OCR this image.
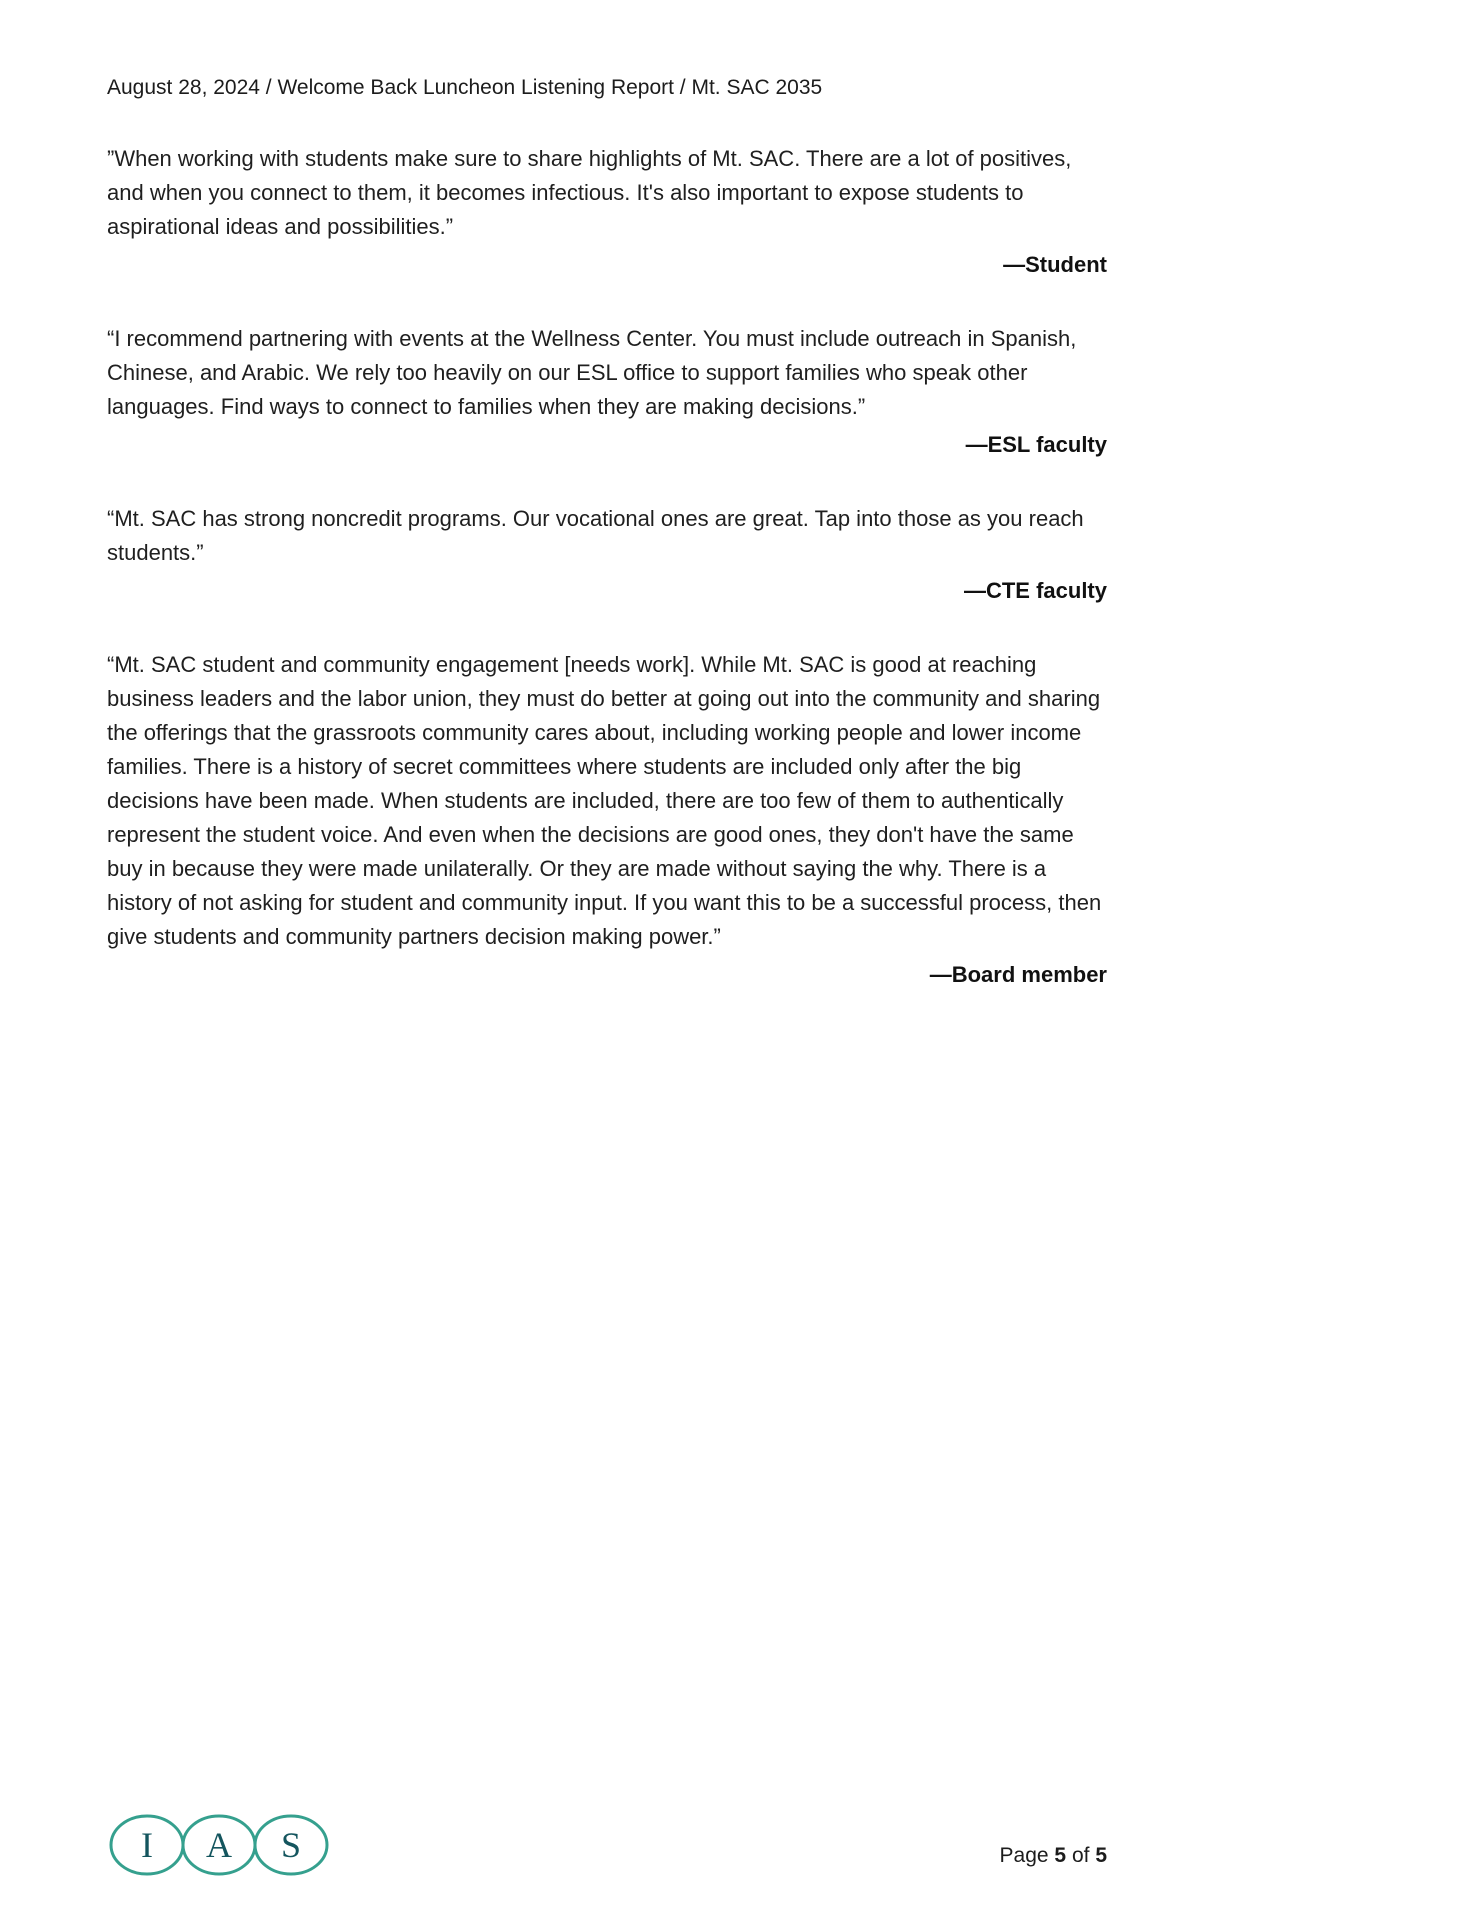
August 28, 2024 / Welcome Back Luncheon Listening Report / Mt. SAC 2035
”When working with students make sure to share highlights of Mt. SAC. There are a lot of positives, and when you connect to them, it becomes infectious. It's also important to expose students to aspirational ideas and possibilities.”
—Student
“I recommend partnering with events at the Wellness Center. You must include outreach in Spanish, Chinese, and Arabic. We rely too heavily on our ESL office to support families who speak other languages. Find ways to connect to families when they are making decisions.”
—ESL faculty
“Mt. SAC has strong noncredit programs. Our vocational ones are great. Tap into those as you reach students.”
—CTE faculty
“Mt. SAC student and community engagement [needs work]. While Mt. SAC is good at reaching business leaders and the labor union, they must do better at going out into the community and sharing the offerings that the grassroots community cares about, including working people and lower income families. There is a history of secret committees where students are included only after the big decisions have been made. When students are included, there are too few of them to authentically represent the student voice. And even when the decisions are good ones, they don't have the same buy in because they were made unilaterally. Or they are made without saying the why. There is a history of not asking for student and community input. If you want this to be a successful process, then give students and community partners decision making power.”
—Board member
I A S	Page 5 of 5
